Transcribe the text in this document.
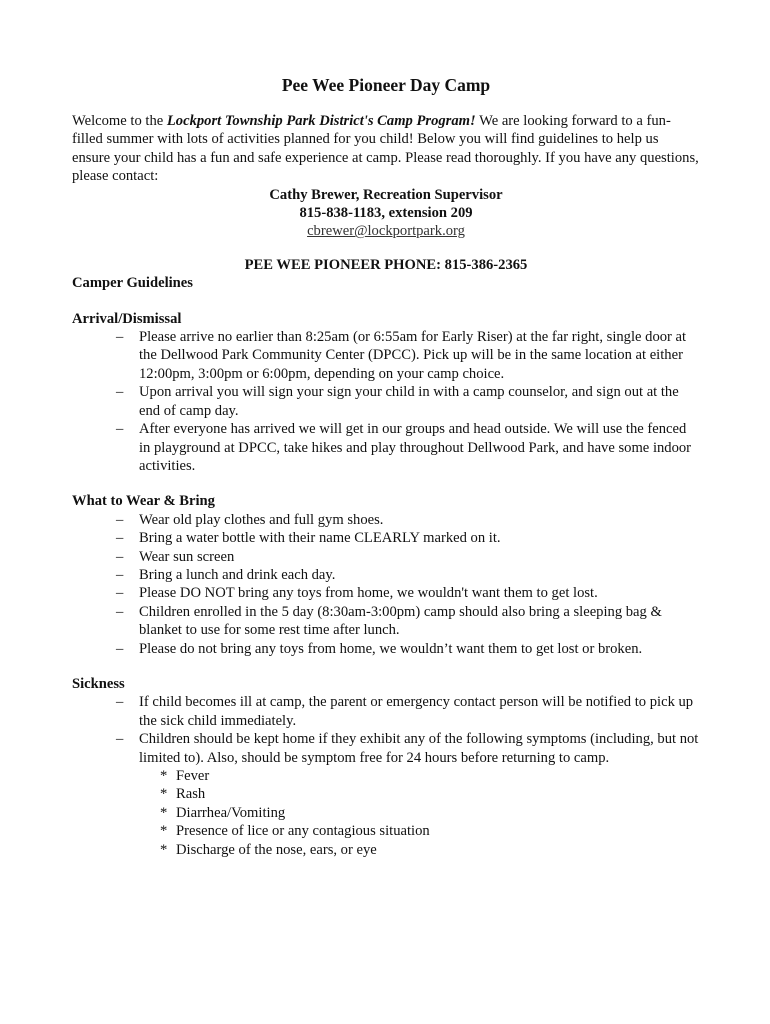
Pee Wee Pioneer Day Camp

Welcome to the Lockport Township Park District's Camp Program! We are looking forward to a fun-filled summer with lots of activities planned for you child! Below you will find guidelines to help us ensure your child has a fun and safe experience at camp. Please read thoroughly. If you have any questions, please contact:

Cathy Brewer, Recreation Supervisor
815-838-1183, extension 209
cbrewer@lockportpark.org
PEE WEE PIONEER PHONE: 815-386-2365
Camper Guidelines
Arrival/Dismissal
– Please arrive no earlier than 8:25am (or 6:55am for Early Riser) at the far right, single door at the Dellwood Park Community Center (DPCC). Pick up will be in the same location at either 12:00pm, 3:00pm or 6:00pm, depending on your camp choice.
– Upon arrival you will sign your sign your child in with a camp counselor, and sign out at the end of camp day.
– After everyone has arrived we will get in our groups and head outside. We will use the fenced in playground at DPCC, take hikes and play throughout Dellwood Park, and have some indoor activities.
What to Wear & Bring
– Wear old play clothes and full gym shoes.
– Bring a water bottle with their name CLEARLY marked on it.
– Wear sun screen
– Bring a lunch and drink each day.
– Please DO NOT bring any toys from home, we wouldn't want them to get lost.
– Children enrolled in the 5 day (8:30am-3:00pm) camp should also bring a sleeping bag & blanket to use for some rest time after lunch.
– Please do not bring any toys from home, we wouldn’t want them to get lost or broken.
Sickness
– If child becomes ill at camp, the parent or emergency contact person will be notified to pick up the sick child immediately.
– Children should be kept home if they exhibit any of the following symptoms (including, but not limited to). Also, should be symptom free for 24 hours before returning to camp.
* Fever
* Rash
* Diarrhea/Vomiting
* Presence of lice or any contagious situation
* Discharge of the nose, ears, or eye
